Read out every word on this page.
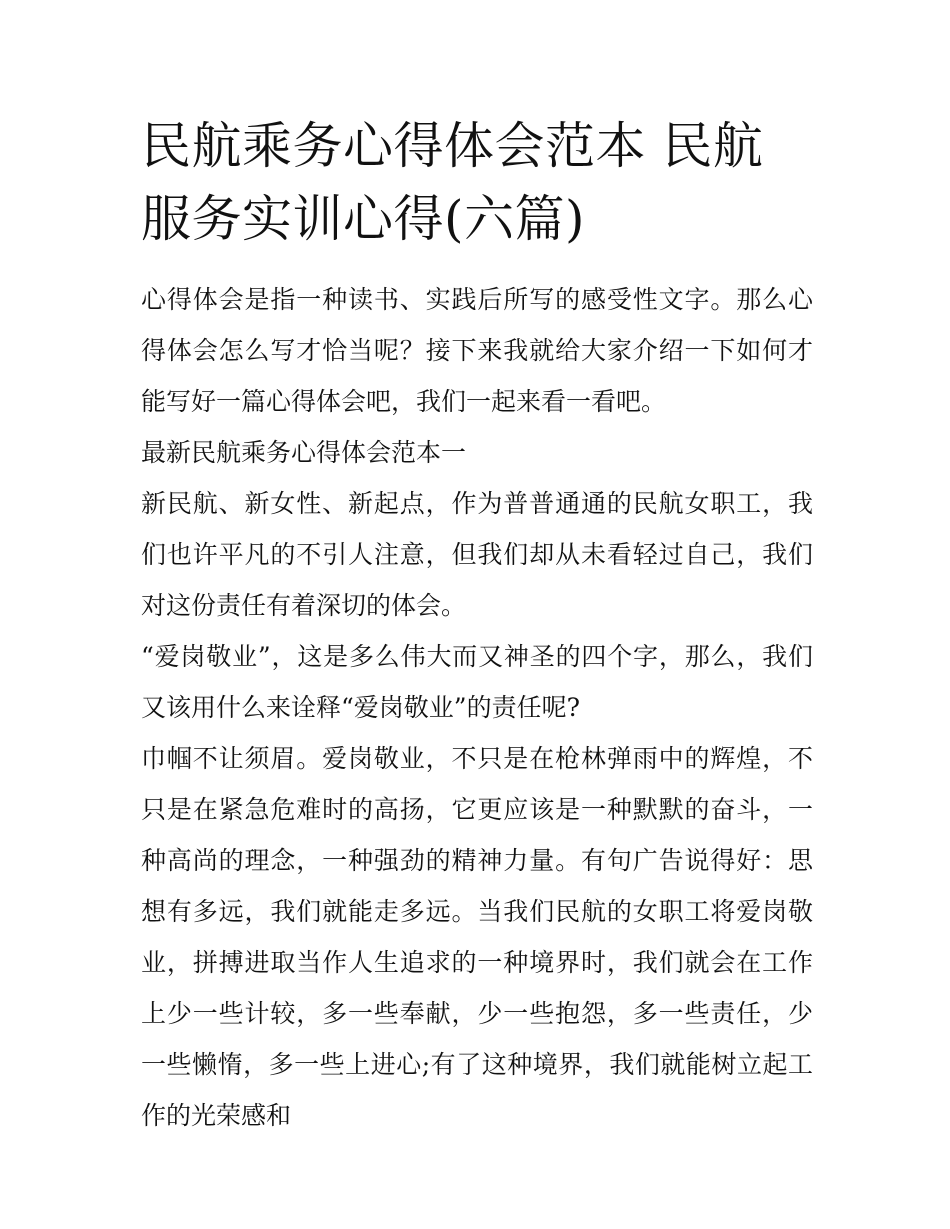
民航乘务心得体会范本 民航服务实训心得(六篇)

心得体会是指一种读书、实践后所写的感受性文字。那么心得体会怎么写才恰当呢？接下来我就给大家介绍一下如何才能写好一篇心得体会吧，我们一起来看一看吧。

最新民航乘务心得体会范本一

新民航、新女性、新起点，作为普普通通的民航女职工，我们也许平凡的不引人注意，但我们却从未看轻过自己，我们对这份责任有着深切的体会。

“爱岗敬业”，这是多么伟大而又神圣的四个字，那么，我们又该用什么来诠释“爱岗敬业”的责任呢?

巾帼不让须眉。爱岗敬业，不只是在枪林弹雨中的辉煌，不只是在紧急危难时的高扬，它更应该是一种默默的奋斗，一种高尚的理念，一种强劲的精神力量。有句广告说得好：思想有多远，我们就能走多远。当我们民航的女职工将爱岗敬业，拼搏进取当作人生追求的一种境界时，我们就会在工作上少一些计较，多一些奉献，少一些抱怨，多一些责任，少一些懒惰，多一些上进心;有了这种境界，我们就能树立起工作的光荣感和
